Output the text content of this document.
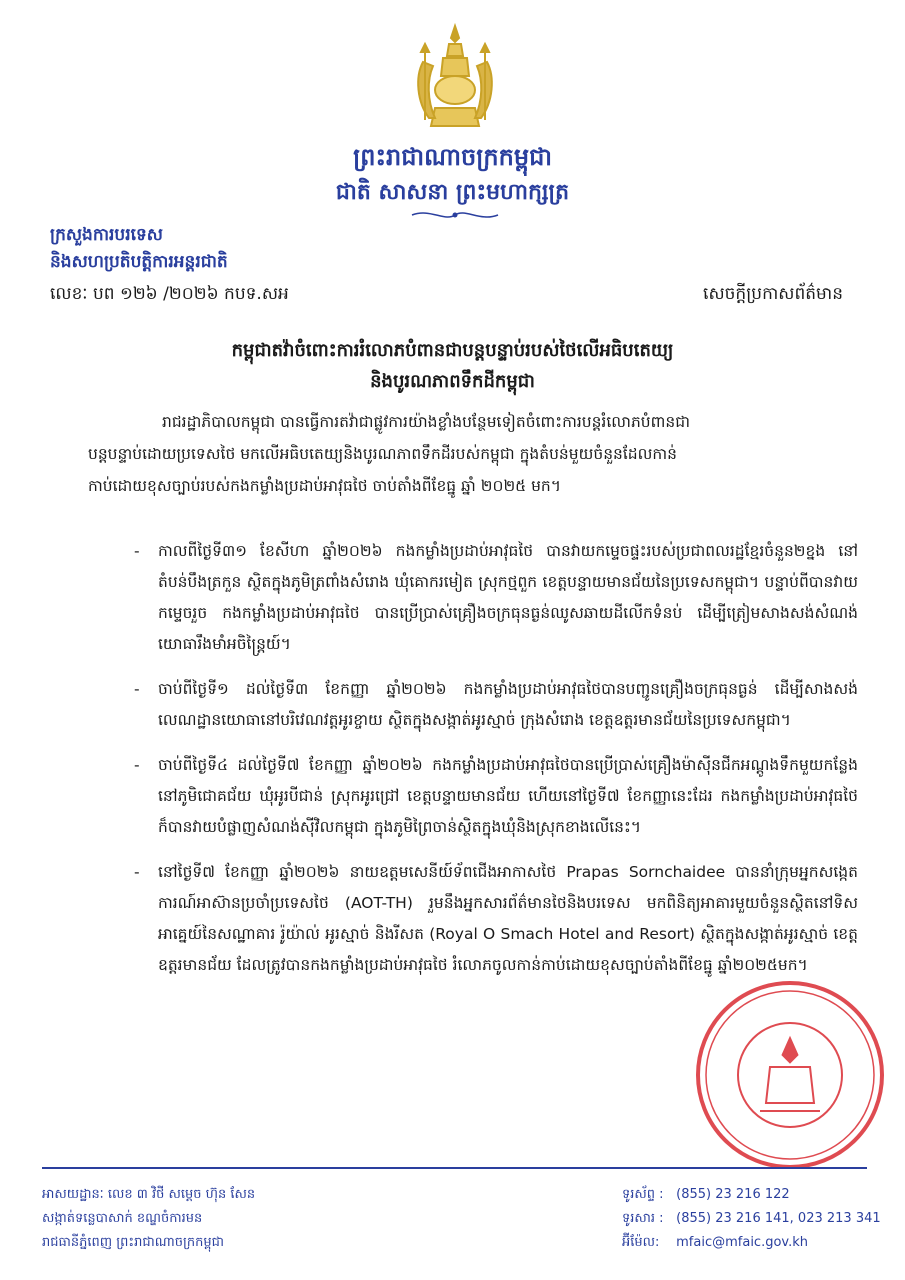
ព្រះរាជាណាចក្រកម្ពុជា
ជាតិ សាសនា ព្រះមហាក្សត្រ
ក្រសួងការបរទេស
និងសហប្រតិបត្តិការអន្តរជាតិ
លេខៈ បព ១២៦ /២០២៦ កបទ.សអ	សេចក្តីប្រកាសព័ត៌មាន
កម្ពុជាតវ៉ាចំពោះការរំលោភបំពានជាបន្តបន្ទាប់របស់ថៃលើអធិបតេយ្យ
និងបូរណភាពទឹកដីកម្ពុជា
រាជរដ្ឋាភិបាលកម្ពុជា បានធ្វើការតវ៉ាជាផ្លូវការយ៉ាងខ្លាំងបន្ថែមទៀតចំពោះការបន្តរំលោភបំពានជា
បន្តបន្ទាប់ដោយប្រទេសថៃ មកលើអធិបតេយ្យនិងបូរណភាពទឹកដីរបស់កម្ពុជា ក្នុងតំបន់មួយចំនួនដែលកាន់
កាប់ដោយខុសច្បាប់របស់កងកម្លាំងប្រដាប់អាវុធថៃ ចាប់តាំងពីខែធ្នូ ឆ្នាំ ២០២៥ មក។
- កាលពីថ្ងៃទី៣១ ខែសីហា ឆ្នាំ២០២៦ កងកម្លាំងប្រដាប់អាវុធថៃ បានវាយកម្ទេចផ្ទះរបស់ប្រជាពលរដ្ឋខ្មែរចំនួន២ខ្នង នៅតំបន់បឹងត្រកួន ស្ថិតក្នុងភូមិត្រពាំងសំរោង ឃុំគោករមៀត ស្រុកថ្មពួក ខេត្តបន្ទាយមានជ័យនៃប្រទេសកម្ពុជា។ បន្ទាប់ពីបានវាយកម្ទេចរួច កងកម្លាំងប្រដាប់អាវុធថៃ បានប្រើប្រាស់គ្រឿងចក្រធុនធ្ងន់ឈូសឆាយដីលើកទំនប់ ដើម្បីត្រៀមសាងសង់សំណង់យោធារឹងមាំអចិន្ត្រៃយ៍។
- ចាប់ពីថ្ងៃទី១ ដល់ថ្ងៃទី៣ ខែកញ្ញា ឆ្នាំ២០២៦ កងកម្លាំងប្រដាប់អាវុធថៃបានបញ្ជូនគ្រឿងចក្រធុនធ្ងន់ ដើម្បីសាងសង់លេណដ្ឋានយោធានៅបរិវេណវត្តអូរខ្ចាយ ស្ថិតក្នុងសង្កាត់អូរស្មាច់ ក្រុងសំរោង ខេត្តឧត្តរមានជ័យនៃប្រទេសកម្ពុជា។
- ចាប់ពីថ្ងៃទី៤ ដល់ថ្ងៃទី៧ ខែកញ្ញា ឆ្នាំ២០២៦ កងកម្លាំងប្រដាប់អាវុធថៃបានប្រើប្រាស់គ្រឿងម៉ាស៊ីនជីកអណ្តូងទឹកមួយកន្លែងនៅភូមិជោគជ័យ ឃុំអូរបីជាន់ ស្រុកអូរជ្រៅ ខេត្តបន្ទាយមានជ័យ ហើយនៅថ្ងៃទី៧ ខែកញ្ញានេះដែរ កងកម្លាំងប្រដាប់អាវុធថៃក៏បានវាយបំផ្លាញសំណង់ស៊ីវិលកម្ពុជា ក្នុងភូមិព្រៃចាន់ស្ថិតក្នុងឃុំនិងស្រុកខាងលើនេះ។
- នៅថ្ងៃទី៧ ខែកញ្ញា ឆ្នាំ២០២៦ នាយឧត្តមសេនីយ៍ទ័ពជើងអាកាសថៃ Prapas Sornchaidee បាននាំក្រុមអ្នកសង្កេតការណ៍អាស៊ានប្រចាំប្រទេសថៃ (AOT-TH) រួមនឹងអ្នកសារព័ត៌មានថៃនិងបរទេស មកពិនិត្យអាគារមួយចំនួនស្ថិតនៅទិសអាគ្នេយ៍នៃសណ្ឋាគារ រ៉ូយ៉ាល់ អូរស្មាច់ និងរីសត (Royal O Smach Hotel and Resort) ស្ថិតក្នុងសង្កាត់អូរស្មាច់ ខេត្តឧត្តរមានជ័យ ដែលត្រូវបានកងកម្លាំងប្រដាប់អាវុធថៃ រំលោភចូលកាន់កាប់ដោយខុសច្បាប់តាំងពីខែធ្នូ ឆ្នាំ២០២៥មក។
អាសយដ្ឋានៈ លេខ ៣ វិថី សម្តេច ហ៊ុន សែន
សង្កាត់ទន្លេបាសាក់ ខណ្ឌចំការមន
រាជធានីភ្នំពេញ ព្រះរាជាណាចក្រកម្ពុជា
ទូរស័ព្ទ : (855) 23 216 122
ទូរសារ : (855) 23 216 141, 023 213 341
អ៊ីម៉ែល: mfaic@mfaic.gov.kh
